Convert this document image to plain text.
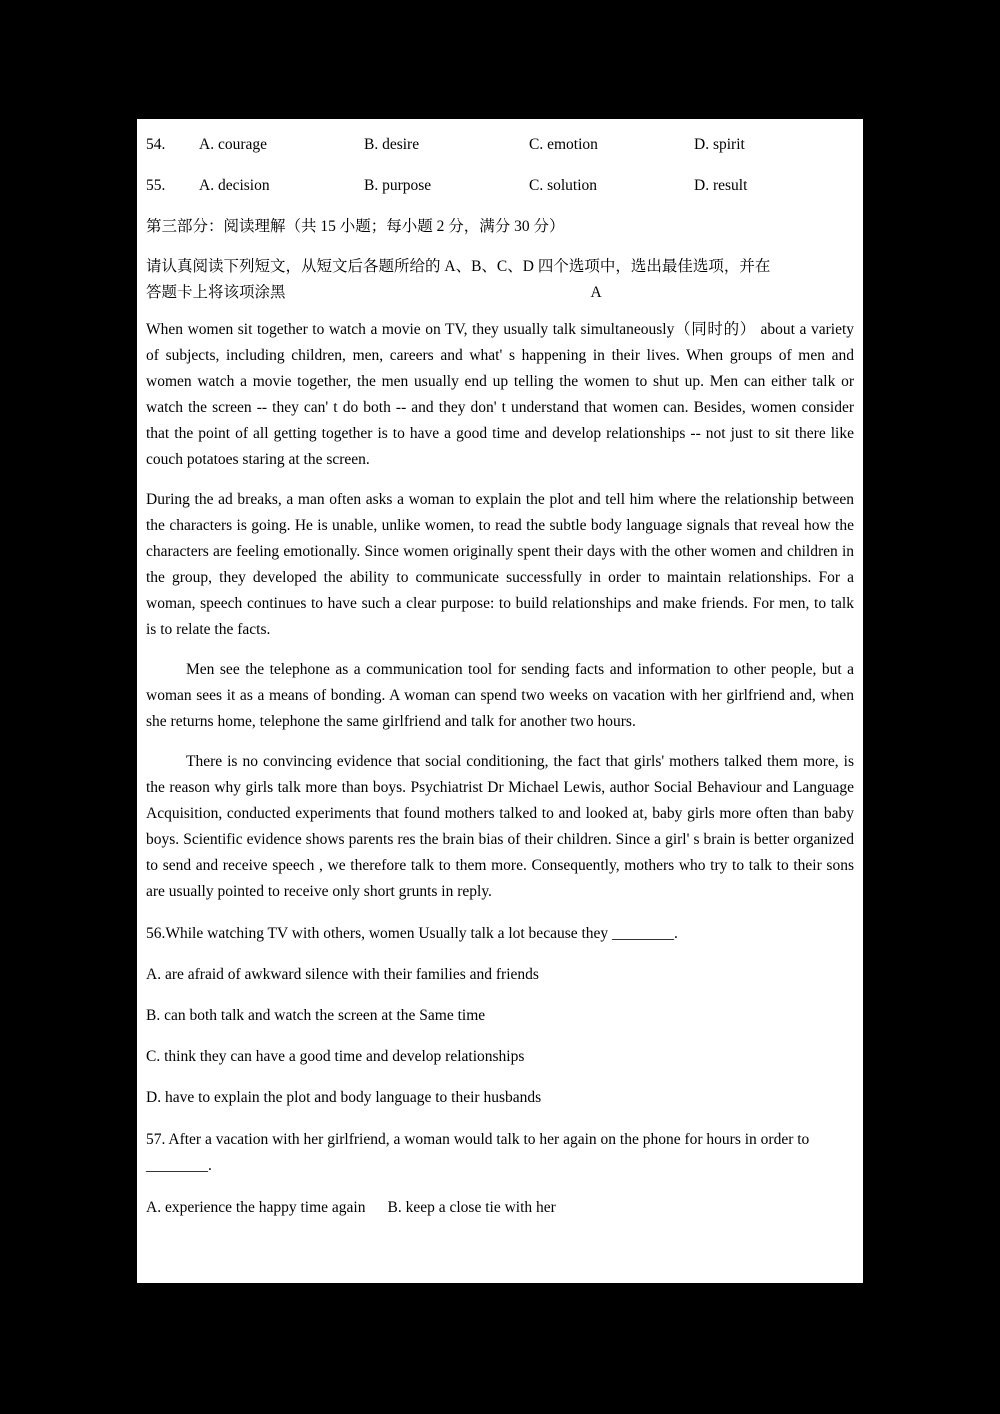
54.	A. courage	B. desire	C. emotion	D. spirit
55.	A. decision	B. purpose	C. solution	D. result
第三部分：阅读理解（共 15 小题；每小题 2 分，满分 30 分）
请认真阅读下列短文，从短文后各题所给的 A、B、C、D 四个选项中，选出最佳选项，并在
答题卡上将该项涂黑	A

When women sit together to watch a movie on TV, they usually talk simultaneously（同时的） about a variety of subjects, including children, men, careers and what' s happening in their lives. When groups of men and women watch a movie together, the men usually end up telling the women to shut up. Men can either talk or watch the screen -- they can' t do both -- and they don' t understand that women can. Besides, women consider that the point of all getting together is to have a good time and develop relationships -- not just to sit there like couch potatoes staring at the screen.

During the ad breaks, a man often asks a woman to explain the plot and tell him where the relationship between the characters is going. He is unable, unlike women, to read the subtle body language signals that reveal how the characters are feeling emotionally. Since women originally spent their days with the other women and children in the group, they developed the ability to communicate successfully in order to maintain relationships. For a woman, speech continues to have such a clear purpose: to build relationships and make friends. For men, to talk is to relate the facts.

Men see the telephone as a communication tool for sending facts and information to other people, but a woman sees it as a means of bonding. A woman can spend two weeks on vacation with her girlfriend and, when she returns home, telephone the same girlfriend and talk for another two hours.

There is no convincing evidence that social conditioning, the fact that girls' mothers talked them more, is the reason why girls talk more than boys. Psychiatrist Dr Michael Lewis, author Social Behaviour and Language Acquisition, conducted experiments that found mothers talked to and looked at, baby girls more often than baby boys. Scientific evidence shows parents res the brain bias of their children. Since a girl' s brain is better organized to send and receive speech , we therefore talk to them more. Consequently, mothers who try to talk to their sons are usually pointed to receive only short grunts in reply.

56.While watching TV with others, women Usually talk a lot because they ________.

A. are afraid of awkward silence with their families and friends

B. can both talk and watch the screen at the Same time

C. think they can have a good time and develop relationships

D. have to explain the plot and body language to their husbands

57. After a vacation with her girlfriend, a woman would talk to her again on the phone for hours in order to ________.
A. experience the happy time again B. keep a close tie with her
